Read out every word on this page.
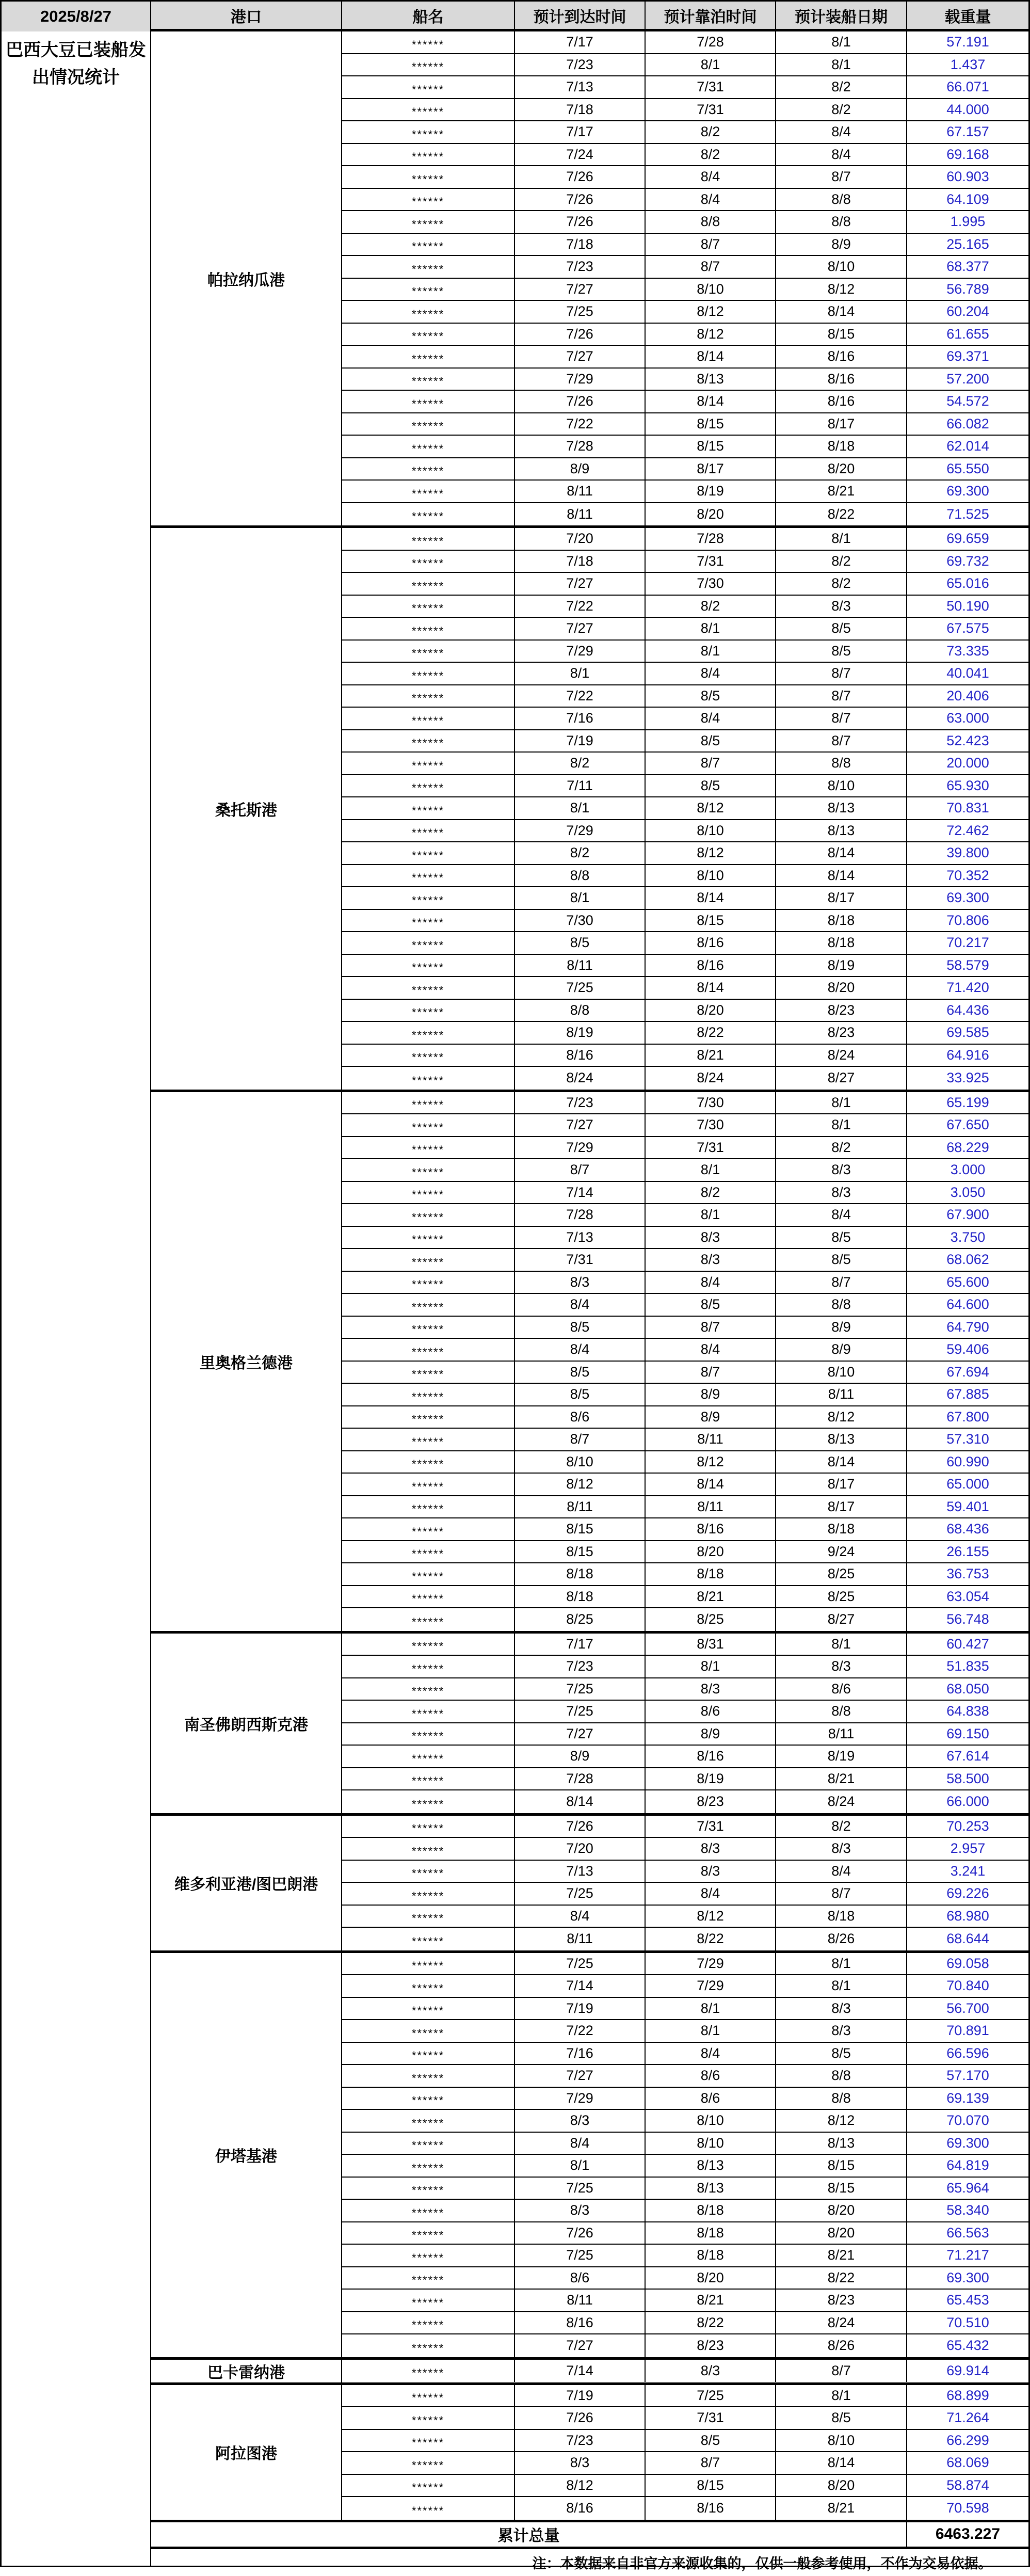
2025/8/27
巴西大豆已装船发出情况统计
港口	船名	预计到达时间	预计靠泊时间	预计装船日期	载重量
帕拉纳瓜港
******	7/17	7/28	8/1	57.191
******	7/23	8/1	8/1	1.437
******	7/13	7/31	8/2	66.071
******	7/18	7/31	8/2	44.000
******	7/17	8/2	8/4	67.157
******	7/24	8/2	8/4	69.168
******	7/26	8/4	8/7	60.903
******	7/26	8/4	8/8	64.109
******	7/26	8/8	8/8	1.995
******	7/18	8/7	8/9	25.165
******	7/23	8/7	8/10	68.377
******	7/27	8/10	8/12	56.789
******	7/25	8/12	8/14	60.204
******	7/26	8/12	8/15	61.655
******	7/27	8/14	8/16	69.371
******	7/29	8/13	8/16	57.200
******	7/26	8/14	8/16	54.572
******	7/22	8/15	8/17	66.082
******	7/28	8/15	8/18	62.014
******	8/9	8/17	8/20	65.550
******	8/11	8/19	8/21	69.300
******	8/11	8/20	8/22	71.525
桑托斯港
******	7/20	7/28	8/1	69.659
******	7/18	7/31	8/2	69.732
******	7/27	7/30	8/2	65.016
******	7/22	8/2	8/3	50.190
******	7/27	8/1	8/5	67.575
******	7/29	8/1	8/5	73.335
******	8/1	8/4	8/7	40.041
******	7/22	8/5	8/7	20.406
******	7/16	8/4	8/7	63.000
******	7/19	8/5	8/7	52.423
******	8/2	8/7	8/8	20.000
******	7/11	8/5	8/10	65.930
******	8/1	8/12	8/13	70.831
******	7/29	8/10	8/13	72.462
******	8/2	8/12	8/14	39.800
******	8/8	8/10	8/14	70.352
******	8/1	8/14	8/17	69.300
******	7/30	8/15	8/18	70.806
******	8/5	8/16	8/18	70.217
******	8/11	8/16	8/19	58.579
******	7/25	8/14	8/20	71.420
******	8/8	8/20	8/23	64.436
******	8/19	8/22	8/23	69.585
******	8/16	8/21	8/24	64.916
******	8/24	8/24	8/27	33.925
里奥格兰德港
******	7/23	7/30	8/1	65.199
******	7/27	7/30	8/1	67.650
******	7/29	7/31	8/2	68.229
******	8/7	8/1	8/3	3.000
******	7/14	8/2	8/3	3.050
******	7/28	8/1	8/4	67.900
******	7/13	8/3	8/5	3.750
******	7/31	8/3	8/5	68.062
******	8/3	8/4	8/7	65.600
******	8/4	8/5	8/8	64.600
******	8/5	8/7	8/9	64.790
******	8/4	8/4	8/9	59.406
******	8/5	8/7	8/10	67.694
******	8/5	8/9	8/11	67.885
******	8/6	8/9	8/12	67.800
******	8/7	8/11	8/13	57.310
******	8/10	8/12	8/14	60.990
******	8/12	8/14	8/17	65.000
******	8/11	8/11	8/17	59.401
******	8/15	8/16	8/18	68.436
******	8/15	8/20	9/24	26.155
******	8/18	8/18	8/25	36.753
******	8/18	8/21	8/25	63.054
******	8/25	8/25	8/27	56.748
南圣佛朗西斯克港
******	7/17	8/31	8/1	60.427
******	7/23	8/1	8/3	51.835
******	7/25	8/3	8/6	68.050
******	7/25	8/6	8/8	64.838
******	7/27	8/9	8/11	69.150
******	8/9	8/16	8/19	67.614
******	7/28	8/19	8/21	58.500
******	8/14	8/23	8/24	66.000
维多利亚港/图巴朗港
******	7/26	7/31	8/2	70.253
******	7/20	8/3	8/3	2.957
******	7/13	8/3	8/4	3.241
******	7/25	8/4	8/7	69.226
******	8/4	8/12	8/18	68.980
******	8/11	8/22	8/26	68.644
伊塔基港
******	7/25	7/29	8/1	69.058
******	7/14	7/29	8/1	70.840
******	7/19	8/1	8/3	56.700
******	7/22	8/1	8/3	70.891
******	7/16	8/4	8/5	66.596
******	7/27	8/6	8/8	57.170
******	7/29	8/6	8/8	69.139
******	8/3	8/10	8/12	70.070
******	8/4	8/10	8/13	69.300
******	8/1	8/13	8/15	64.819
******	7/25	8/13	8/15	65.964
******	8/3	8/18	8/20	58.340
******	7/26	8/18	8/20	66.563
******	7/25	8/18	8/21	71.217
******	8/6	8/20	8/22	69.300
******	8/11	8/21	8/23	65.453
******	8/16	8/22	8/24	70.510
******	7/27	8/23	8/26	65.432
巴卡雷纳港	******	7/14	8/3	8/7	69.914
阿拉图港
******	7/19	7/25	8/1	68.899
******	7/26	7/31	8/5	71.264
******	7/23	8/5	8/10	66.299
******	8/3	8/7	8/14	68.069
******	8/12	8/15	8/20	58.874
******	8/16	8/16	8/21	70.598
累计总量	6463.227
注：本数据来自非官方来源收集的，仅供一般参考使用，不作为交易依据。
